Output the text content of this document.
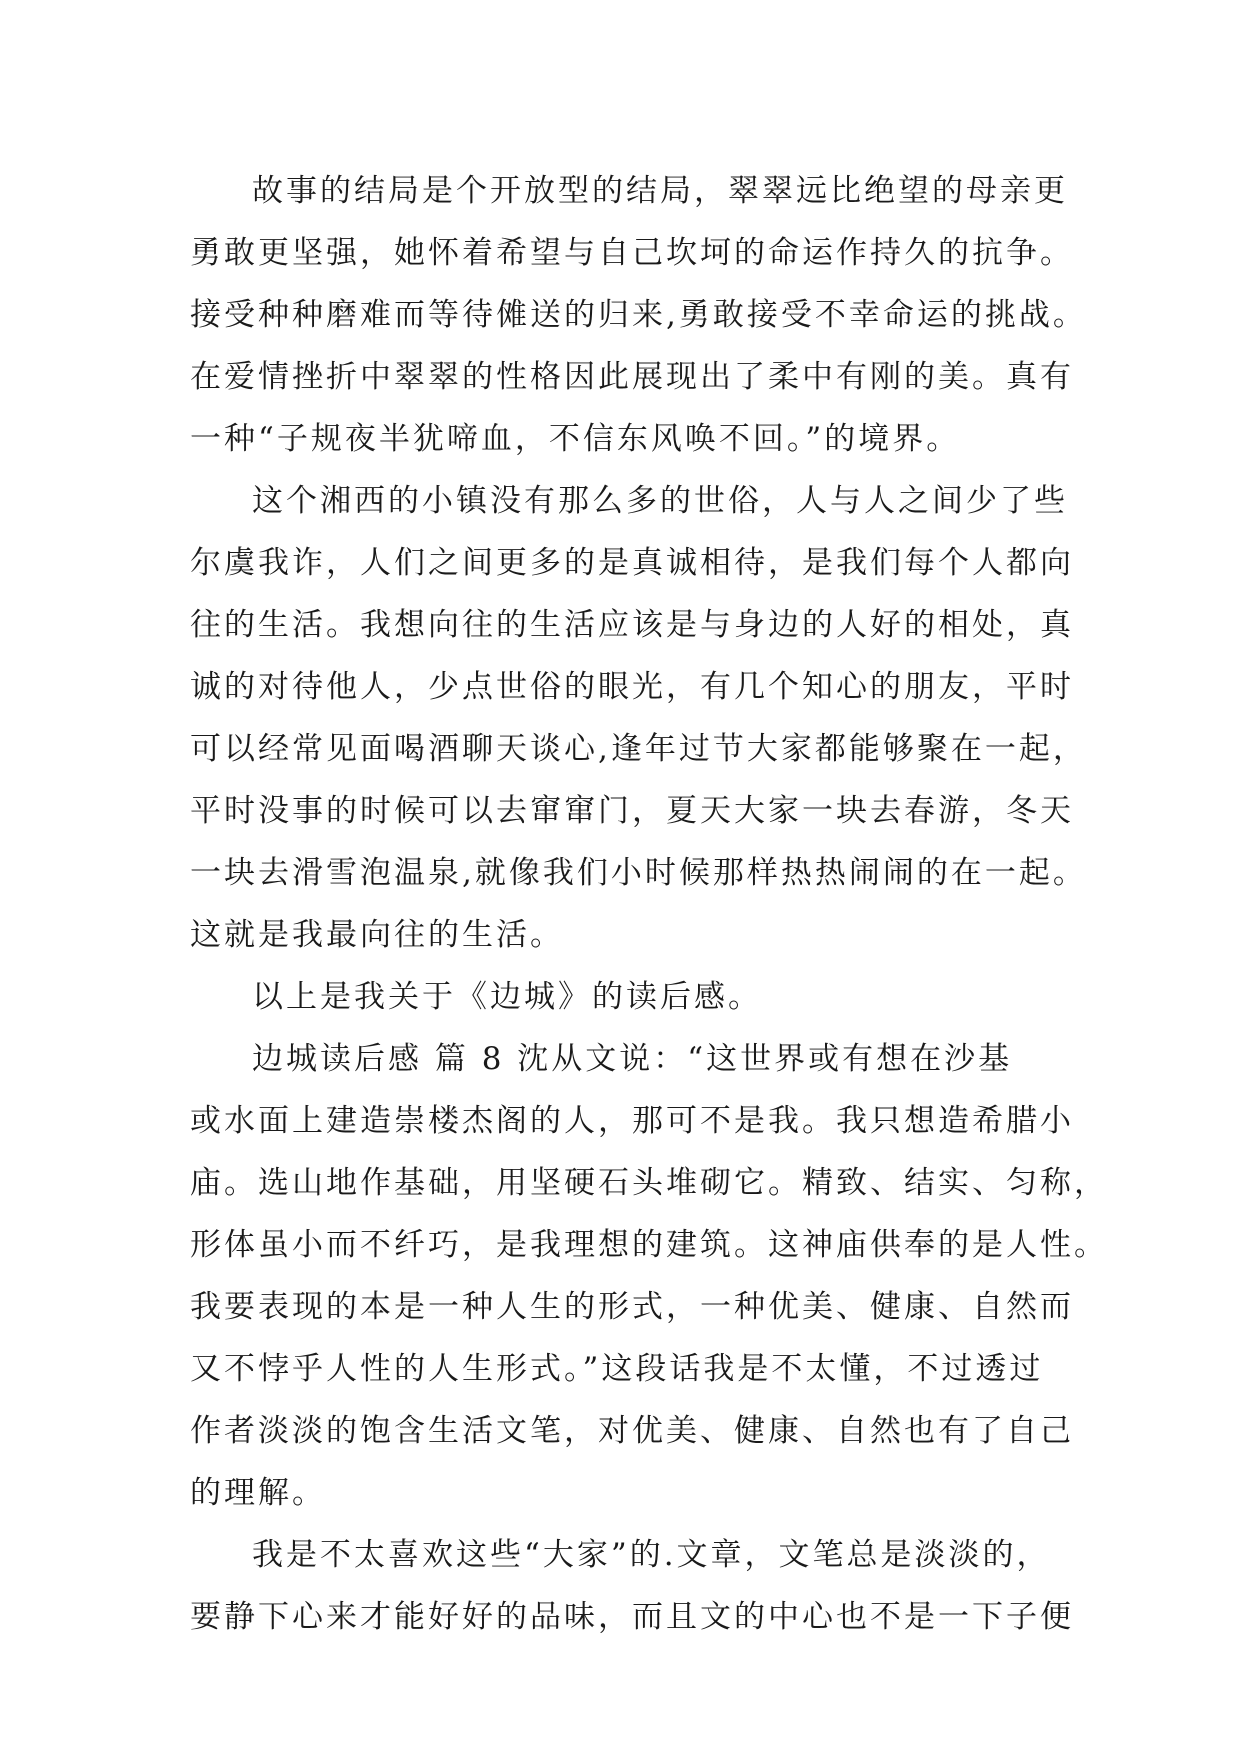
故事的结局是个开放型的结局，翠翠远比绝望的母亲更
勇敢更坚强，她怀着希望与自己坎坷的命运作持久的抗争。
接受种种磨难而等待傩送的归来,勇敢接受不幸命运的挑战。
在爱情挫折中翠翠的性格因此展现出了柔中有刚的美。真有
一种“子规夜半犹啼血，不信东风唤不回。”的境界。
这个湘西的小镇没有那么多的世俗，人与人之间少了些
尔虞我诈，人们之间更多的是真诚相待，是我们每个人都向
往的生活。我想向往的生活应该是与身边的人好的相处，真
诚的对待他人，少点世俗的眼光，有几个知心的朋友，平时
可以经常见面喝酒聊天谈心,逢年过节大家都能够聚在一起，
平时没事的时候可以去窜窜门，夏天大家一块去春游，冬天
一块去滑雪泡温泉,就像我们小时候那样热热闹闹的在一起。
这就是我最向往的生活。
以上是我关于《边城》的读后感。
边城读后感 篇 8 沈从文说：“这世界或有想在沙基
或水面上建造崇楼杰阁的人，那可不是我。我只想造希腊小
庙。选山地作基础，用坚硬石头堆砌它。精致、结实、匀称，
形体虽小而不纤巧，是我理想的建筑。这神庙供奉的是人性。
我要表现的本是一种人生的形式，一种优美、健康、自然而
又不悖乎人性的人生形式。”这段话我是不太懂，不过透过
作者淡淡的饱含生活文笔，对优美、健康、自然也有了自己
的理解。
我是不太喜欢这些“大家”的.文章，文笔总是淡淡的，
要静下心来才能好好的品味，而且文的中心也不是一下子便
